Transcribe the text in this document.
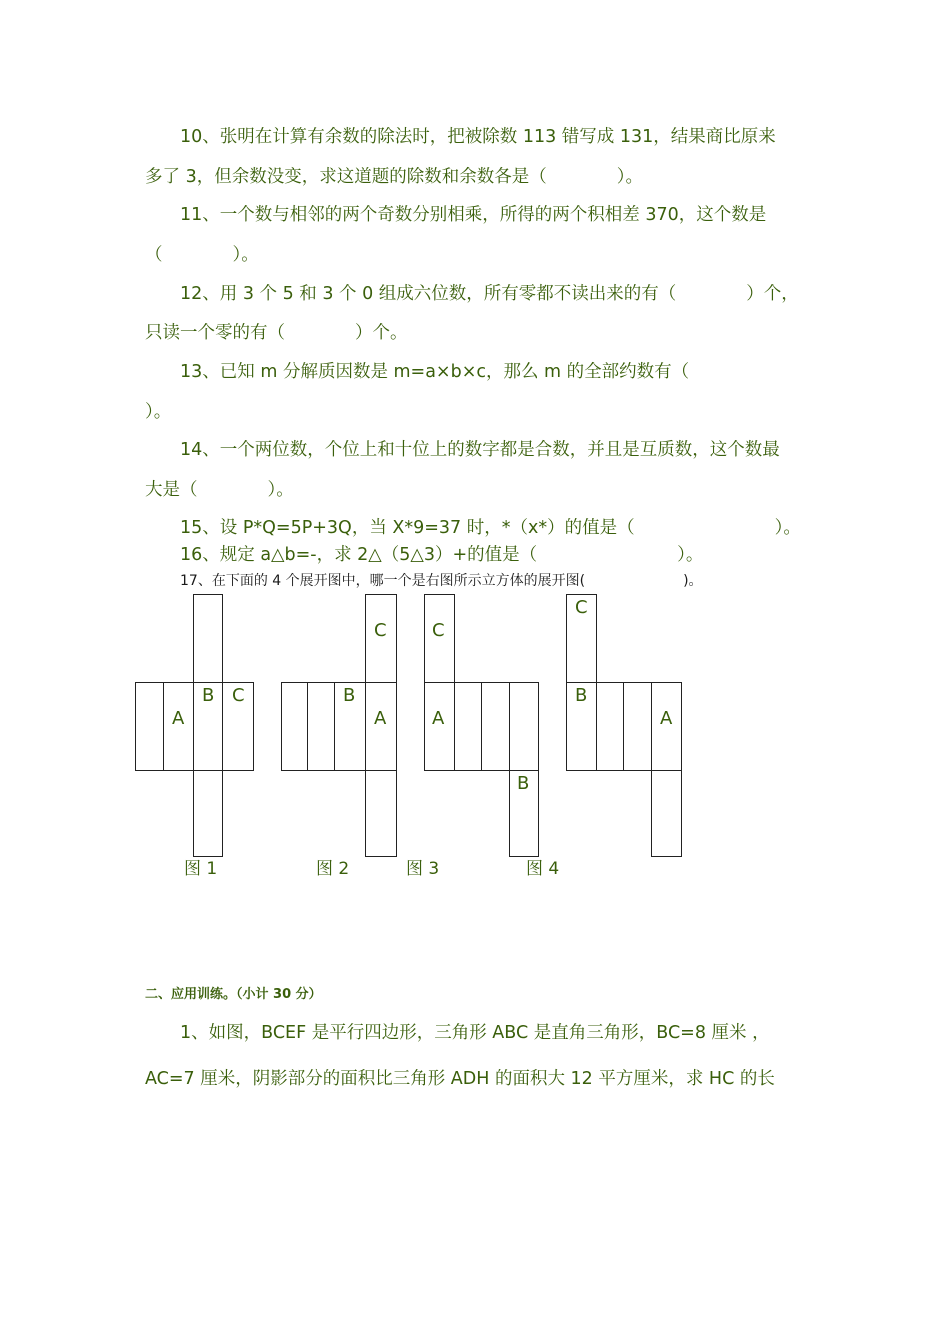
10、张明在计算有余数的除法时，把被除数 113 错写成 131，结果商比原来
多了 3，但余数没变，求这道题的除数和余数各是（　　　　）。
11、一个数与相邻的两个奇数分别相乘，所得的两个积相差 370，这个数是
（　　　　）。
12、用 3 个 5 和 3 个 0 组成六位数，所有零都不读出来的有（　　　　）个，
只读一个零的有（　　　　）个。
13、已知 m 分解质因数是 m=a×b×c，那么 m 的全部约数有（
）。
14、一个两位数，个位上和十位上的数字都是合数，并且是互质数，这个数最
大是（　　　　）。
15、设 P*Q=5P+3Q，当 X*9=37 时，*（x*）的值是（　　　　　　　　）。
16、规定 a△b=-，求 2△（5△3）+的值是（　　　　　　　　）。
17、在下面的 4 个展开图中，哪一个是右图所示立方体的展开图(　　　　　　　)。
B C
A
C
B
A
C
A
B
C
B
A
图 1	图 2	图 3	图 4
二、应用训练。（小计 30 分）
1、如图，BCEF 是平行四边形，三角形 ABC 是直角三角形，BC=8 厘米 ，
AC=7 厘米，阴影部分的面积比三角形 ADH 的面积大 12 平方厘米，求 HC 的长
